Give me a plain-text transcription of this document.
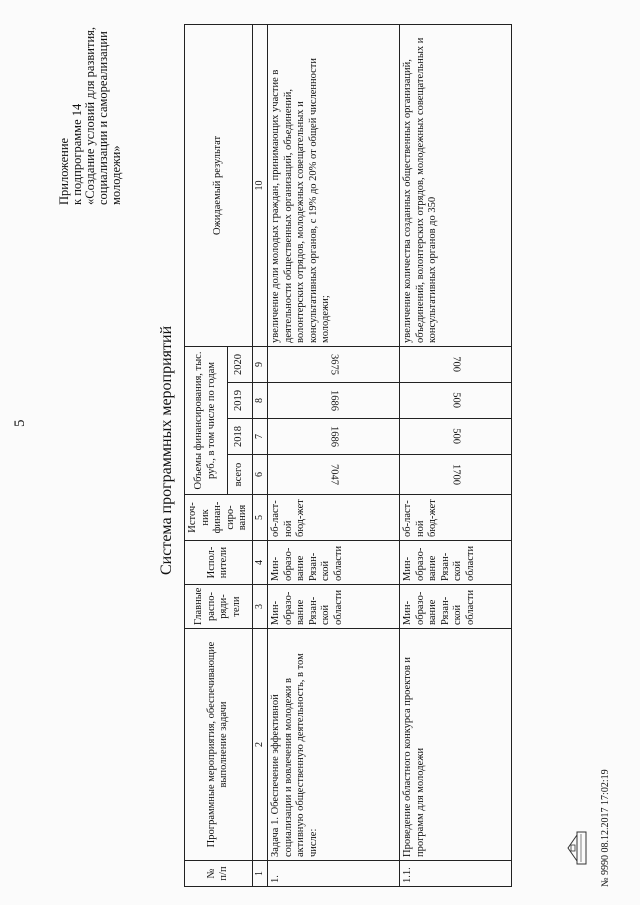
5
Приложение к подпрограмме 14 «Создание условий для развития, социализации и самореализации молодежи»
Система программных мероприятий
№ п/п	Программные мероприятия, обеспечивающие выполнение задачи	Главные распо-ряди-тели	Испол-нители	Источ-ник финан-сиро-вания	Объемы финансирования, тыс. руб., в том числе по годам				Ожидаемый результат
					всего	2018	2019	2020	
1	2	3	4	5	6	7	8	9	10
1.	Задача 1. Обеспечение эффективной социализации и вовлечения молодежи в активную общественную деятельность, в том числе:	Мин-образо-вание Рязан-ской области	Мин-образо-вание Рязан-ской области	об-ласт-ной бюд-жет	7047	1686	1686	3675	увеличение доли молодых граждан, принимающих участие в деятельности общественных организаций, объединений, волонтерских отрядов, молодежных совещательных и консультативных органов, с 19% до 20% от общей численности молодежи;
1.1.	Проведение областного конкурса проектов и программ для молодежи	Мин-образо-вание Рязан-ской области	Мин-образо-вание Рязан-ской области	об-ласт-ной бюд-жет	1700	500	500	700	увеличение количества созданных общественных организаций, объединений, волонтерских отрядов, молодежных совещательных и консультативных органов до 350
№ 9990 08.12.2017 17:02:19
